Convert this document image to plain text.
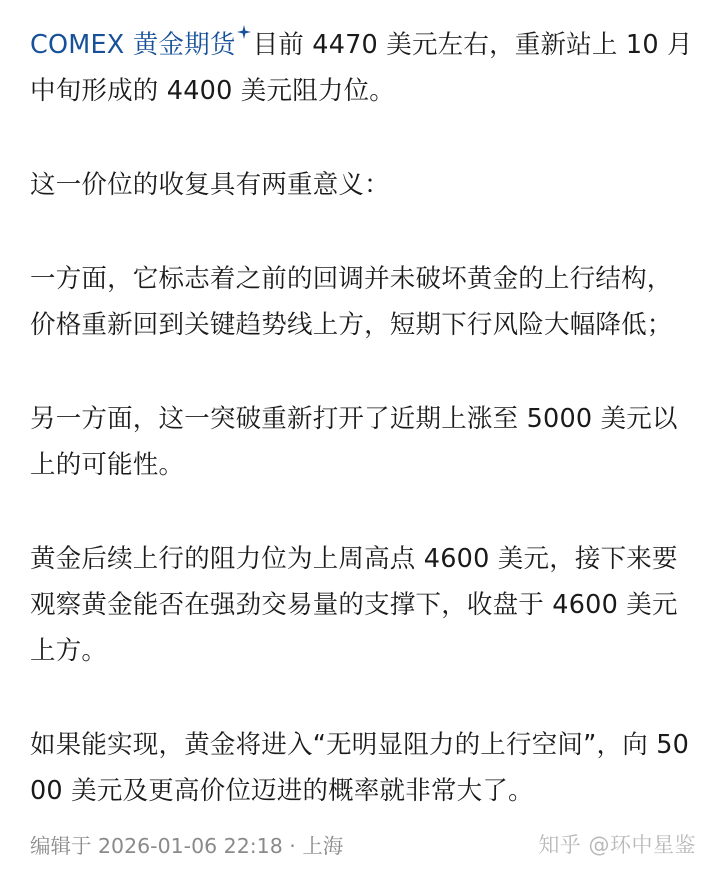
COMEX 黄金期货 目前 4470 美元左右，重新站上 10 月中旬形成的 4400 美元阻力位。

这一价位的收复具有两重意义：

一方面，它标志着之前的回调并未破坏黄金的上行结构，价格重新回到关键趋势线上方，短期下行风险大幅降低；

另一方面，这一突破重新打开了近期上涨至 5000 美元以上的可能性。

黄金后续上行的阻力位为上周高点 4600 美元，接下来要观察黄金能否在强劲交易量的支撑下，收盘于 4600 美元上方。

如果能实现，黄金将进入“无明显阻力的上行空间”，向 5000 美元及更高价位迈进的概率就非常大了。

编辑于 2026-01-06 22:18 · 上海	知乎 @环中星鉴
